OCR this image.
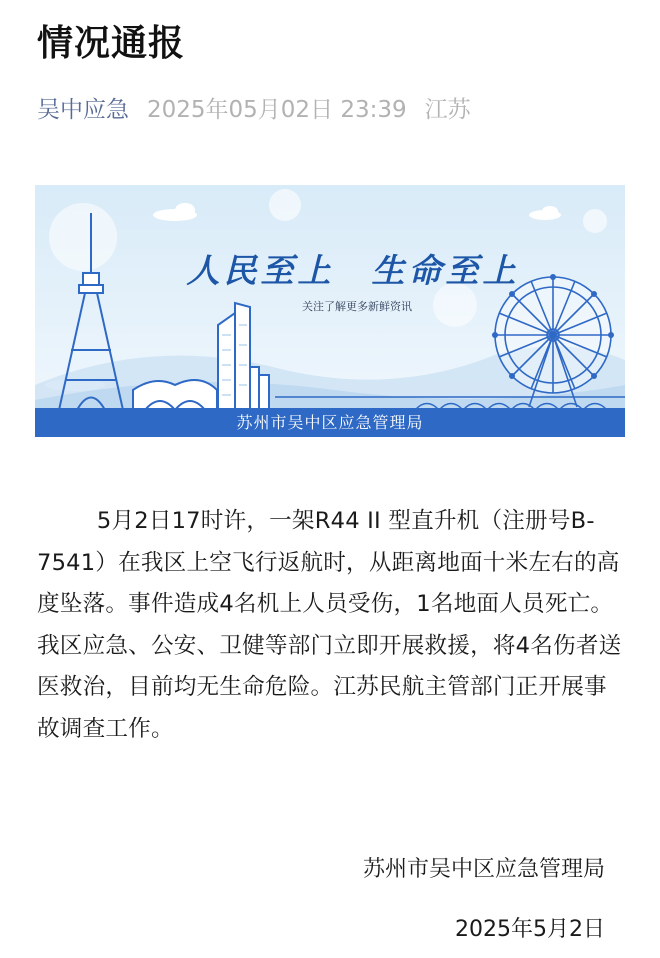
情况通报
吴中应急 2025年05月02日 23:39 江苏
人民至上　生命至上
关注了解更多新鲜资讯
苏州市吴中区应急管理局

5月2日17时许，一架R44 II 型直升机（注册号B-7541）在我区上空飞行返航时，从距离地面十米左右的高度坠落。事件造成4名机上人员受伤，1名地面人员死亡。我区应急、公安、卫健等部门立即开展救援，将4名伤者送医救治，目前均无生命危险。江苏民航主管部门正开展事故调查工作。

苏州市吴中区应急管理局
2025年5月2日
